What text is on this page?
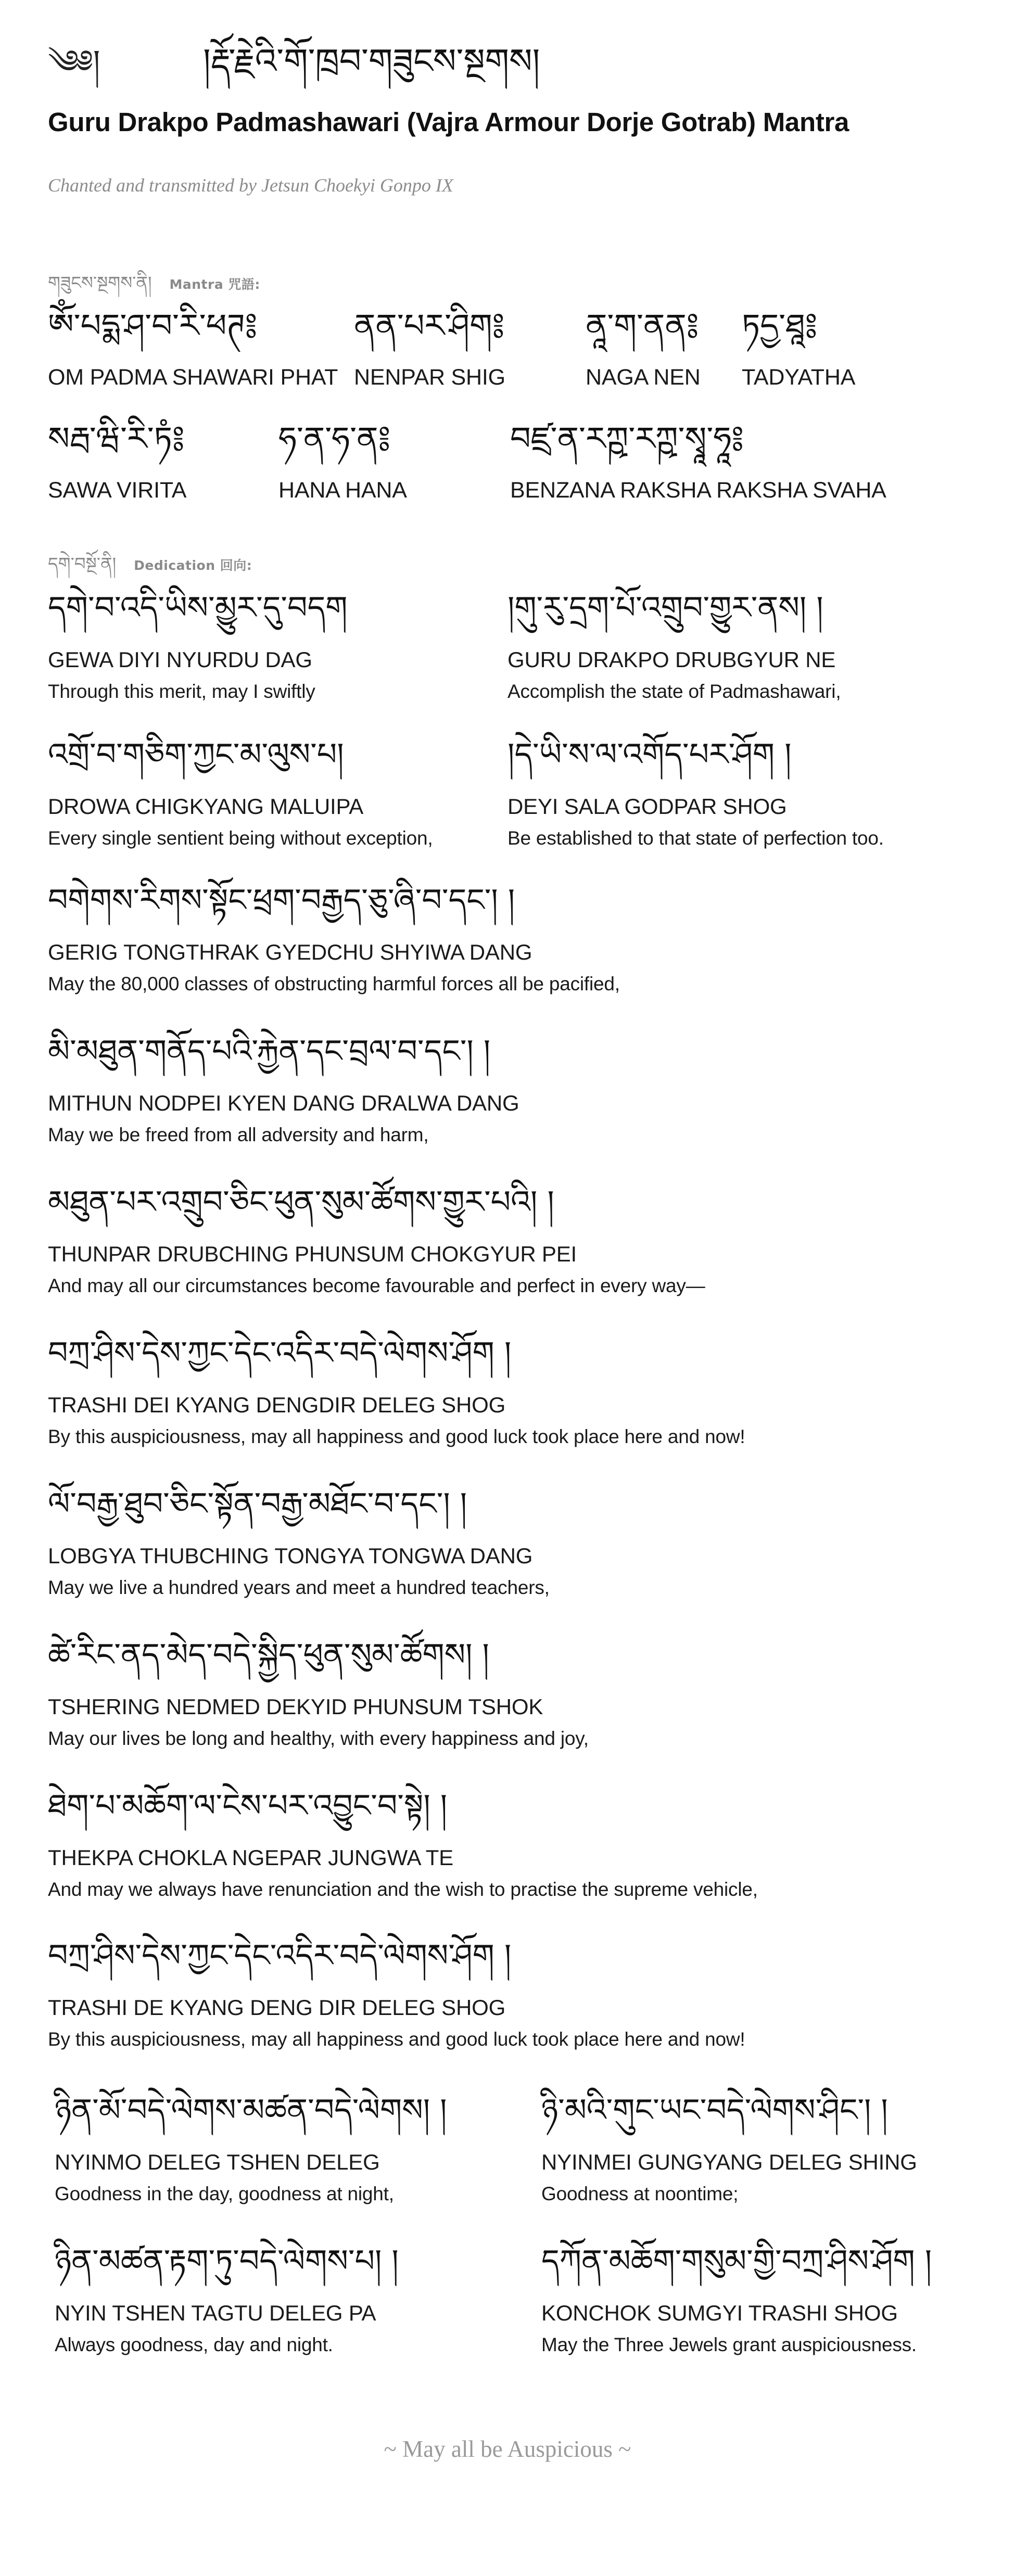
༄༅།	།རྡོ་རྗེའི་གོ་ཁྲབ་གཟུངས་སྔགས།
Guru Drakpo Padmashawari (Vajra Armour Dorje Gotrab) Mantra
Chanted and transmitted by Jetsun Choekyi Gonpo IX
གཟུངས་སྔགས་ནི། Mantra 咒語:
ཨོཾ་པདྨ་ཤ་བ་རི་ཕཊ༔
OM PADMA SHAWARI PHAT
ནན་པར་ཤིག༔
NENPAR SHIG
ནཱ་ག་ནན༔
NAGA NEN
ཏདྱ་ཐཱ༔
TADYATHA
སརྦ་ཝི་རི་ཏཾ༔
SAWA VIRITA
ཧ་ན་ཧ་ན༔
HANA HANA
བཛྲ་ན་རཀྵ་རཀྵ་སྭཱ་ཧཱ༔
BENZANA RAKSHA RAKSHA SVAHA
དགེ་བསྔོ་ནི། Dedication 回向:
དགེ་བ་འདི་ཡིས་མྱུར་དུ་བདག
GEWA DIYI NYURDU DAG
Through this merit, may I swiftly
།གུ་རུ་དྲག་པོ་འགྲུབ་གྱུར་ནས། །
GURU DRAKPO DRUBGYUR NE
Accomplish the state of Padmashawari,
འགྲོ་བ་གཅིག་ཀྱང་མ་ལུས་པ།
DROWA CHIGKYANG MALUIPA
Every single sentient being without exception,
།དེ་ཡི་ས་ལ་འགོད་པར་ཤོག །
DEYI SALA GODPAR SHOG
Be established to that state of perfection too.
བགེགས་རིགས་སྟོང་ཕྲག་བརྒྱད་ཅུ་ཞི་བ་དང་། །
GERIG TONGTHRAK GYEDCHU SHYIWA DANG
May the 80,000 classes of obstructing harmful forces all be pacified,
མི་མཐུན་གནོད་པའི་རྐྱེན་དང་བྲལ་བ་དང་། །
MITHUN NODPEI KYEN DANG DRALWA DANG
May we be freed from all adversity and harm,
མཐུན་པར་འགྲུབ་ཅིང་ཕུན་སུམ་ཚོགས་གྱུར་པའི། །
THUNPAR DRUBCHING PHUNSUM CHOKGYUR PEI
And may all our circumstances become favourable and perfect in every way—
བཀྲ་ཤིས་དེས་ཀྱང་དེང་འདིར་བདེ་ལེགས་ཤོག །
TRASHI DEI KYANG DENGDIR DELEG SHOG
By this auspiciousness, may all happiness and good luck took place here and now!
ལོ་བརྒྱ་ཐུབ་ཅིང་སྟོན་བརྒྱ་མཐོང་བ་དང་། །
LOBGYA THUBCHING TONGYA TONGWA DANG
May we live a hundred years and meet a hundred teachers,
ཚེ་རིང་ནད་མེད་བདེ་སྐྱིད་ཕུན་སུམ་ཚོགས། །
TSHERING NEDMED DEKYID PHUNSUM TSHOK
May our lives be long and healthy, with every happiness and joy,
ཐེག་པ་མཆོག་ལ་ངེས་པར་འབྱུང་བ་སྟེ། །
THEKPA CHOKLA NGEPAR JUNGWA TE
And may we always have renunciation and the wish to practise the supreme vehicle,
བཀྲ་ཤིས་དེས་ཀྱང་དེང་འདིར་བདེ་ལེགས་ཤོག །
TRASHI DE KYANG DENG DIR DELEG SHOG
By this auspiciousness, may all happiness and good luck took place here and now!
ཉིན་མོ་བདེ་ལེགས་མཚན་བདེ་ལེགས། །
NYINMO DELEG TSHEN DELEG
Goodness in the day, goodness at night,
ཉི་མའི་གུང་ཡང་བདེ་ལེགས་ཤིང་། །
NYINMEI GUNGYANG DELEG SHING
Goodness at noontime;
ཉིན་མཚན་རྟག་ཏུ་བདེ་ལེགས་པ། །
NYIN TSHEN TAGTU DELEG PA
Always goodness, day and night.
དཀོན་མཆོག་གསུམ་གྱི་བཀྲ་ཤིས་ཤོག །
KONCHOK SUMGYI TRASHI SHOG
May the Three Jewels grant auspiciousness.
~ May all be Auspicious ~
